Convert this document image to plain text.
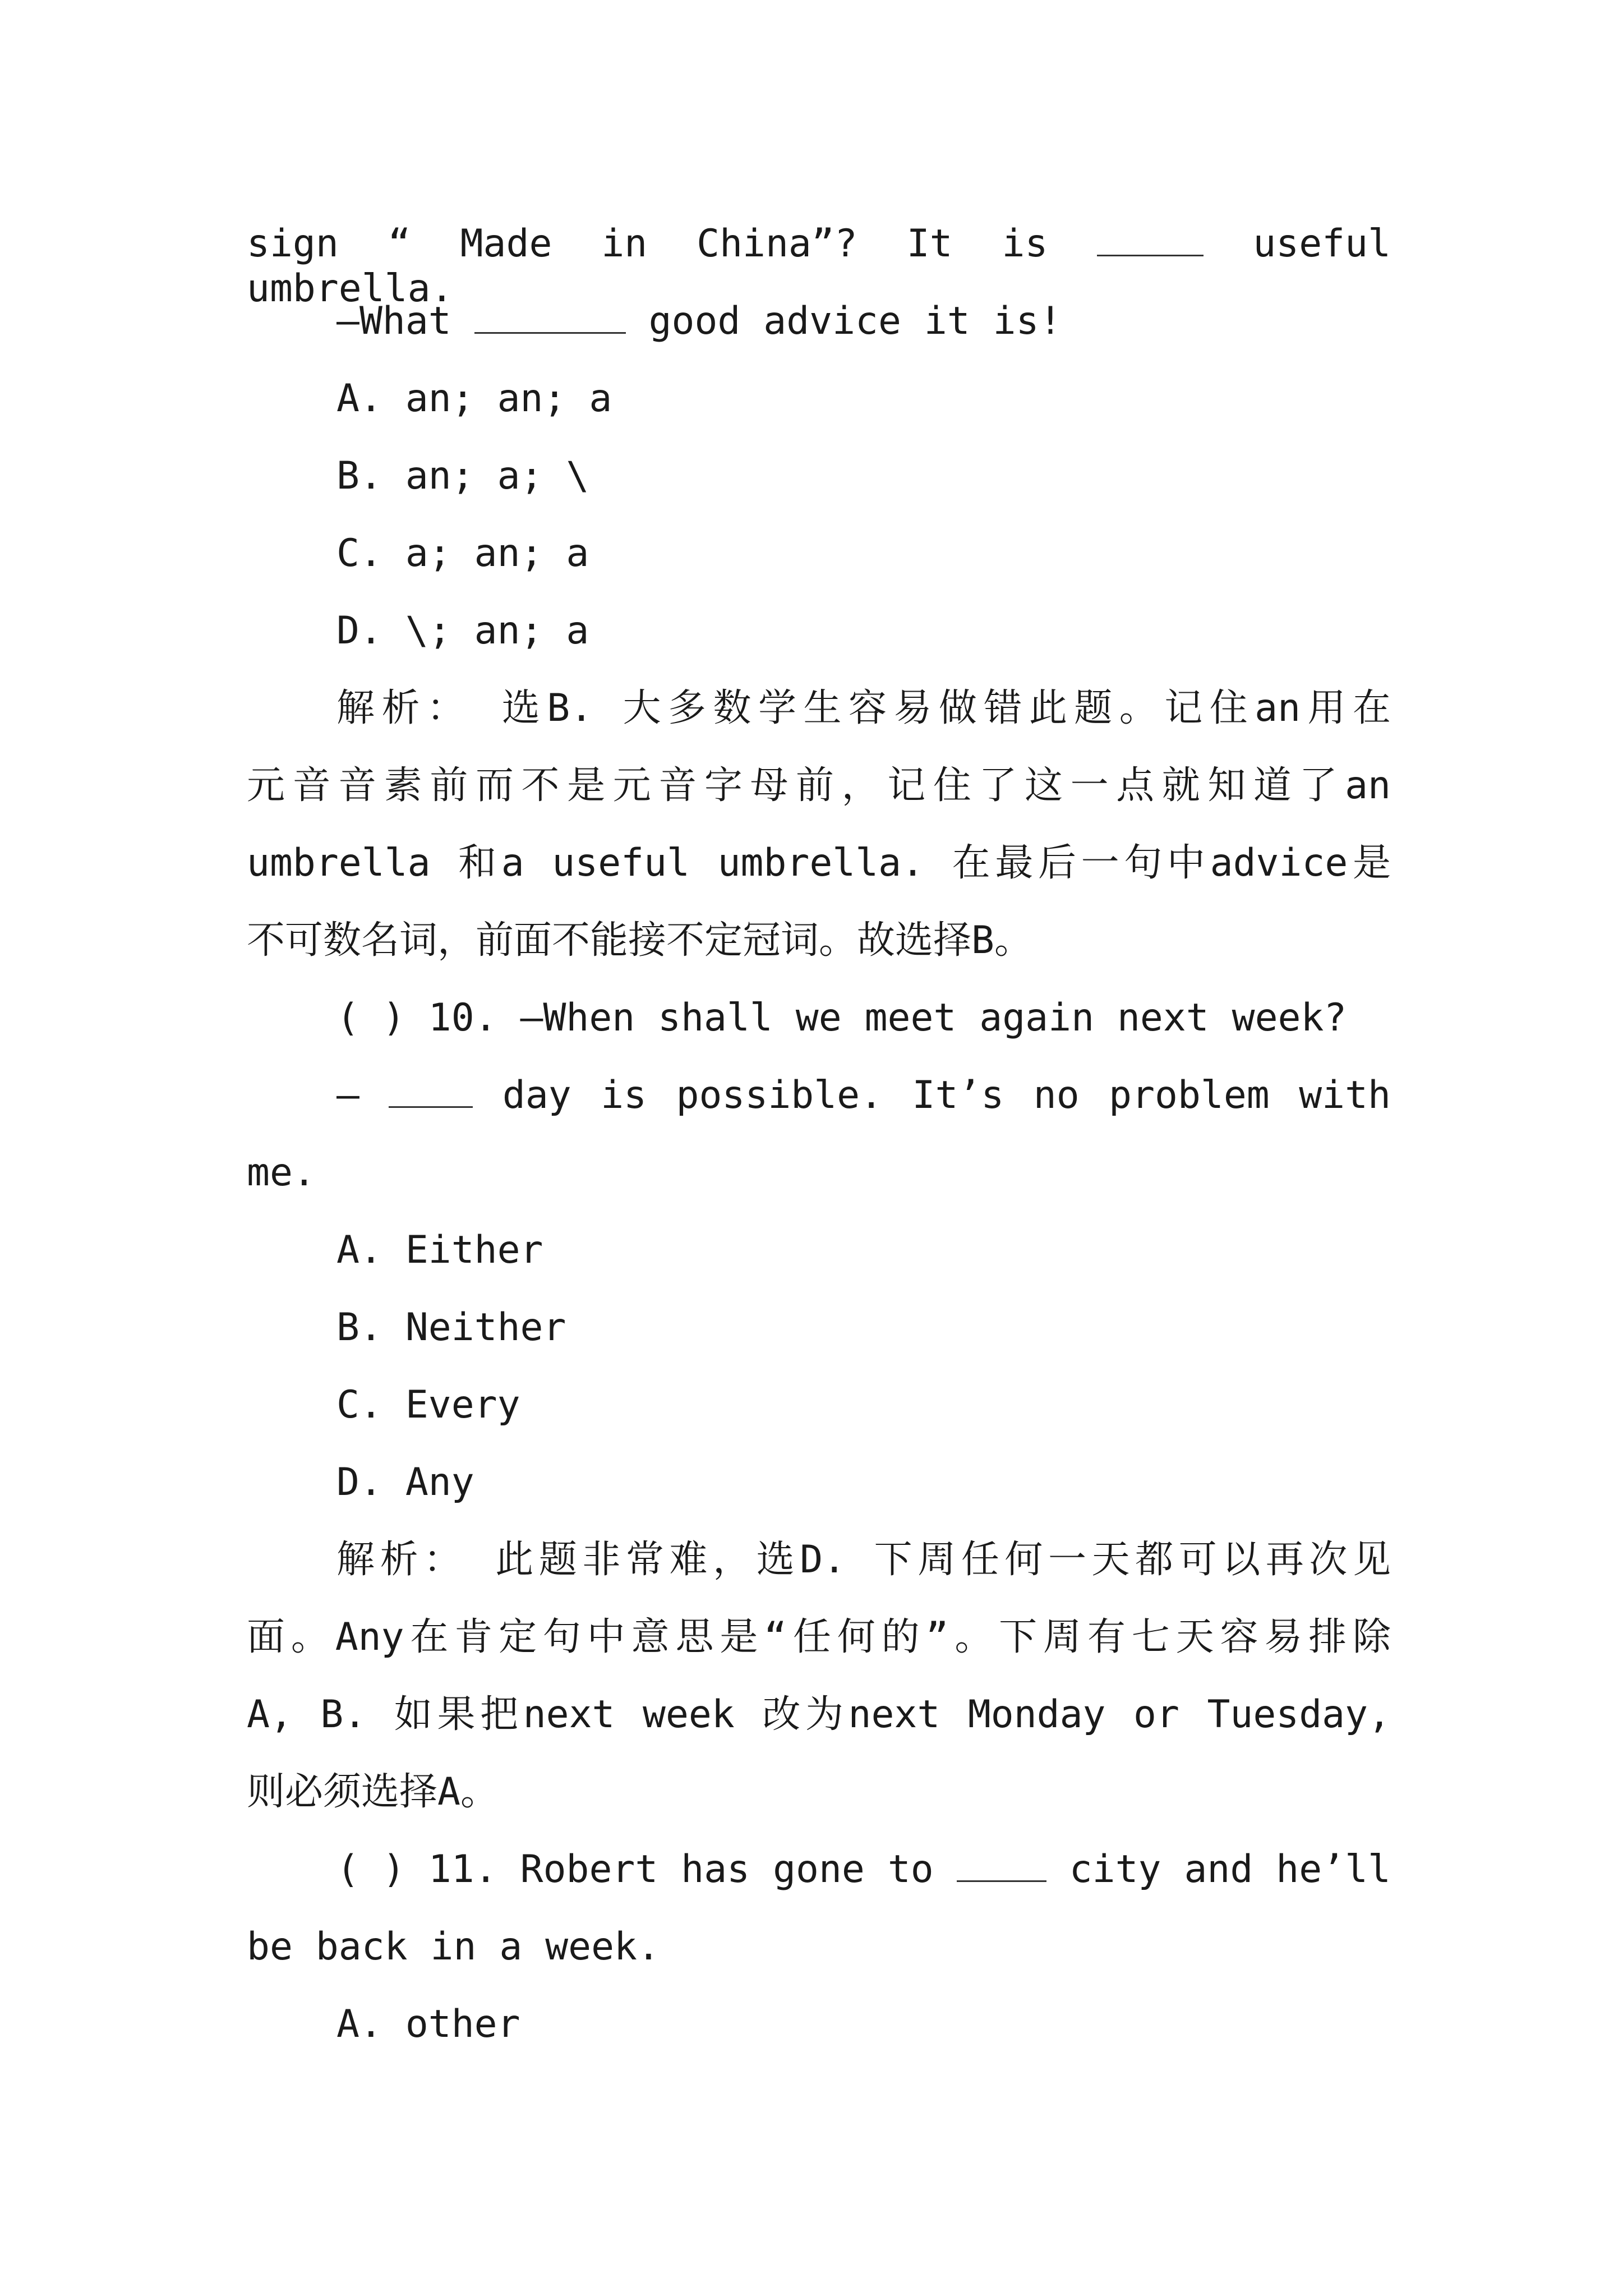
sign “ Made in China”? It is	useful umbrella.
—What	good advice it is!
A. an; an; a
B. an; a; \
C. a; an; a
D. \; an; a
解析： 选B. 大多数学生容易做错此题。记住an用在
元音音素前而不是元音字母前，记住了这一点就知道了an
umbrella 和a useful umbrella. 在最后一句中advice是
不可数名词，前面不能接不定冠词。故选择B。
( ) 10. —When shall we meet again next week?
—  day is possible. It’s no problem with
me.
A. Either
B. Neither
C. Every
D. Any
解析： 此题非常难，选D. 下周任何一天都可以再次见
面。Any在肯定句中意思是“任何的”。下周有七天容易排除
A, B. 如果把next week 改为next Monday or Tuesday,
则必须选择A。
( ) 11. Robert has gone to  city and he’ll
be back in a week.
A. other
